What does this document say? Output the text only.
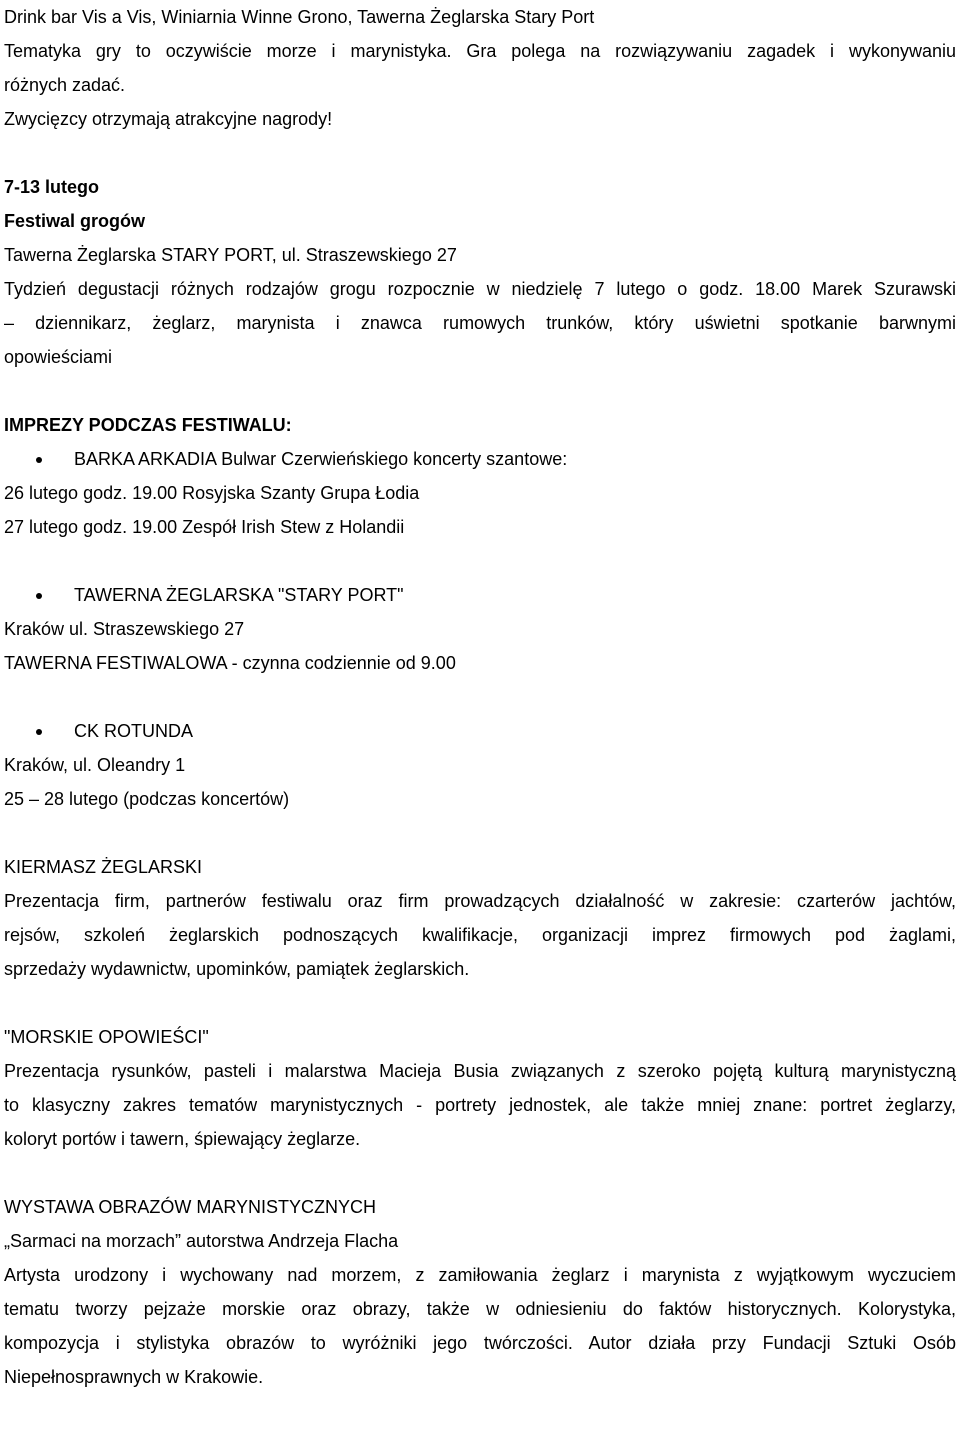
Drink bar Vis a Vis, Winiarnia Winne Grono, Tawerna Żeglarska Stary Port
Tematyka gry to oczywiście morze i marynistyka. Gra polega na rozwiązywaniu zagadek i wykonywaniu
różnych zadać.
Zwycięzcy otrzymają atrakcyjne nagrody!
7-13 lutego
Festiwal grogów
Tawerna Żeglarska STARY PORT, ul. Straszewskiego 27
Tydzień degustacji różnych rodzajów grogu rozpocznie w niedzielę 7 lutego o godz. 18.00 Marek Szurawski
– dziennikarz, żeglarz, marynista i znawca rumowych trunków, który uświetni spotkanie barwnymi
opowieściami
IMPREZY PODCZAS FESTIWALU:
BARKA ARKADIA Bulwar Czerwieńskiego koncerty szantowe:
26 lutego godz. 19.00 Rosyjska Szanty Grupa Łodia
27 lutego godz. 19.00 Zespół Irish Stew z Holandii
TAWERNA ŻEGLARSKA "STARY PORT"
Kraków ul. Straszewskiego 27
TAWERNA FESTIWALOWA - czynna codziennie od 9.00
CK ROTUNDA
Kraków, ul. Oleandry 1
25 – 28 lutego (podczas koncertów)
KIERMASZ ŻEGLARSKI
Prezentacja firm, partnerów festiwalu oraz firm prowadzących działalność w zakresie: czarterów jachtów,
rejsów, szkoleń żeglarskich podnoszących kwalifikacje, organizacji imprez firmowych pod żaglami,
sprzedaży wydawnictw, upominków, pamiątek żeglarskich.
"MORSKIE OPOWIEŚCI"
Prezentacja rysunków, pasteli i malarstwa Macieja Busia związanych z szeroko pojętą kulturą marynistyczną
to klasyczny zakres tematów marynistycznych - portrety jednostek, ale także mniej znane: portret żeglarzy,
koloryt portów i tawern, śpiewający żeglarze.
WYSTAWA OBRAZÓW MARYNISTYCZNYCH
„Sarmaci na morzach” autorstwa Andrzeja Flacha
Artysta urodzony i wychowany nad morzem, z zamiłowania żeglarz i marynista z wyjątkowym wyczuciem
tematu tworzy pejzaże morskie oraz obrazy, także w odniesieniu do faktów historycznych. Kolorystyka,
kompozycja i stylistyka obrazów to wyróżniki jego twórczości. Autor działa przy Fundacji Sztuki Osób
Niepełnosprawnych w Krakowie.
